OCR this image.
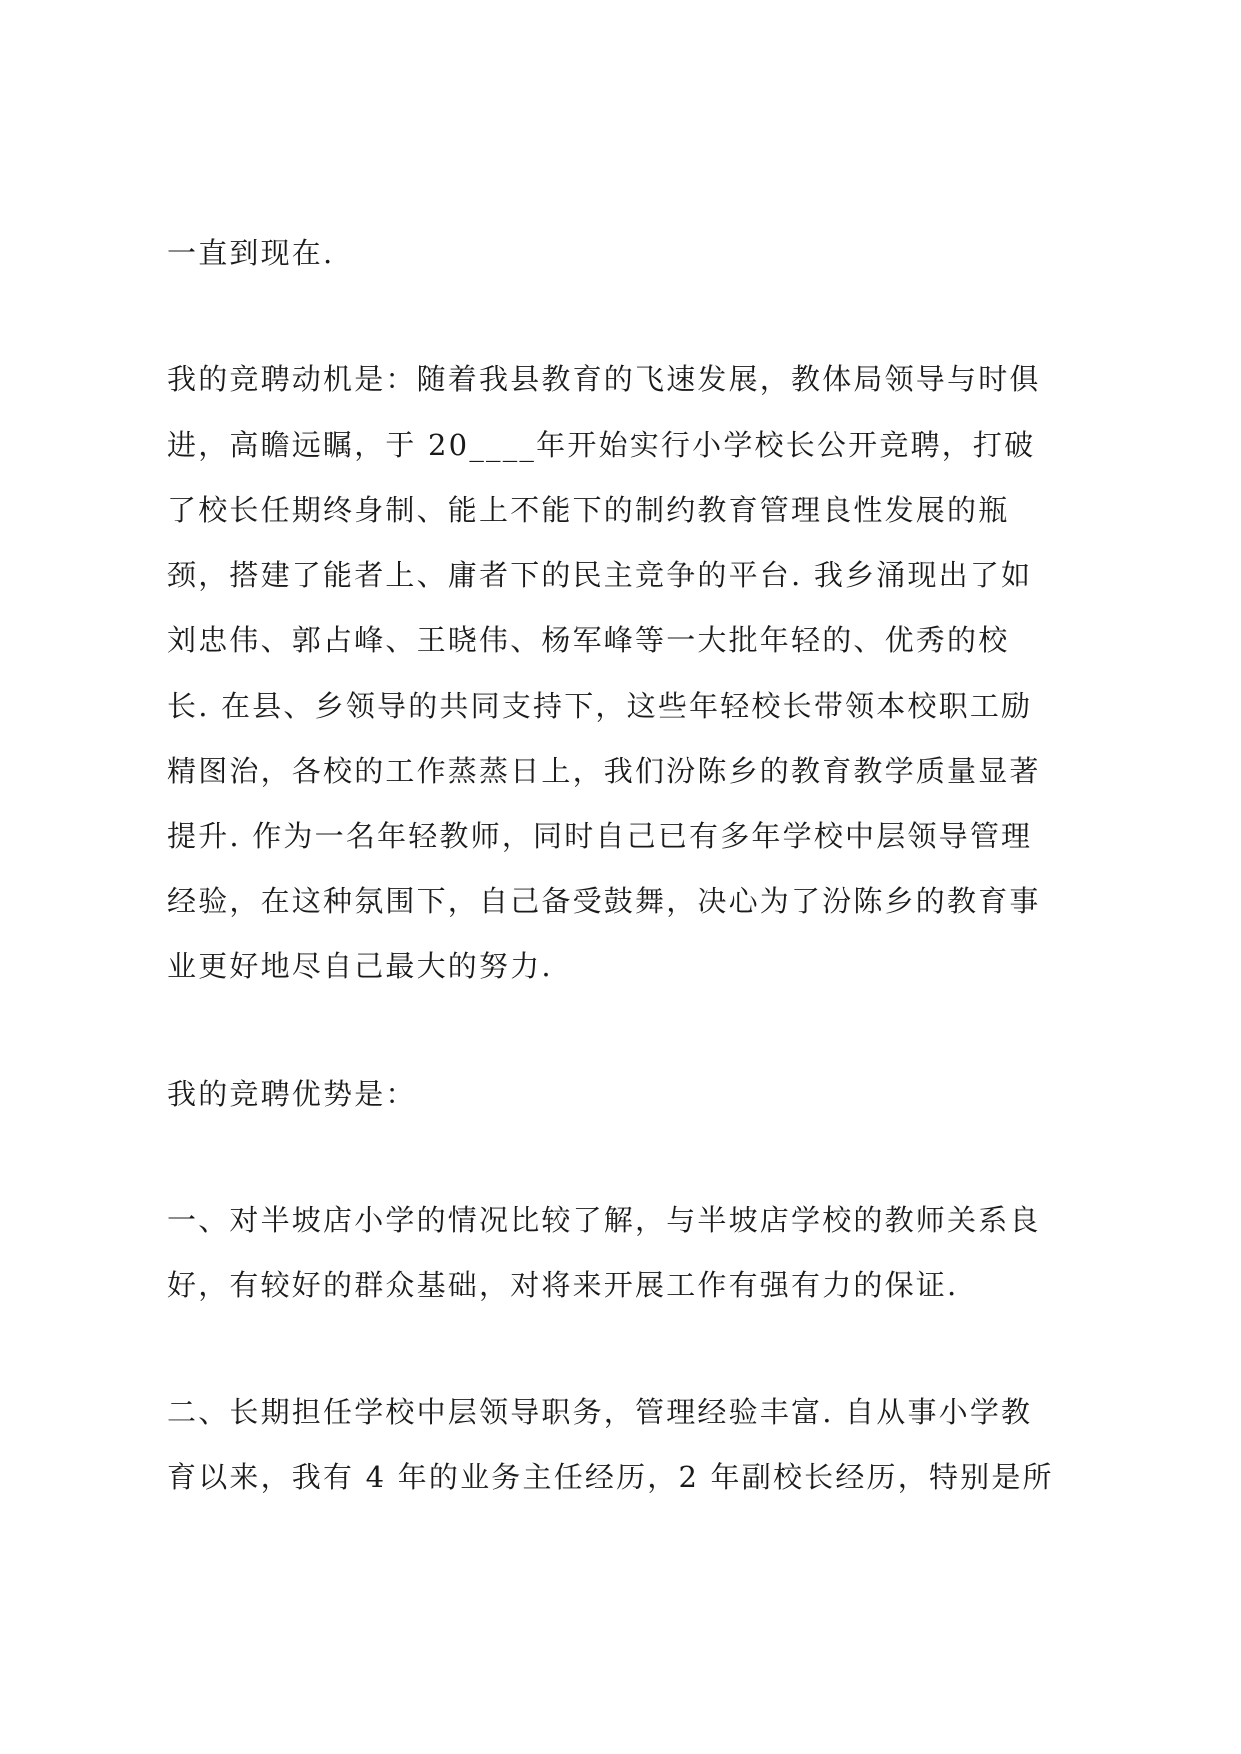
一直到现在.
我的竞聘动机是：随着我县教育的飞速发展，教体局领导与时俱
进，高瞻远瞩，于 20____年开始实行小学校长公开竞聘，打破
了校长任期终身制、能上不能下的制约教育管理良性发展的瓶
颈，搭建了能者上、庸者下的民主竞争的平台. 我乡涌现出了如
刘忠伟、郭占峰、王晓伟、杨军峰等一大批年轻的、优秀的校
长. 在县、乡领导的共同支持下，这些年轻校长带领本校职工励
精图治，各校的工作蒸蒸日上，我们汾陈乡的教育教学质量显著
提升. 作为一名年轻教师，同时自己已有多年学校中层领导管理
经验，在这种氛围下，自己备受鼓舞，决心为了汾陈乡的教育事
业更好地尽自己最大的努力.
我的竞聘优势是：
一、对半坡店小学的情况比较了解，与半坡店学校的教师关系良
好，有较好的群众基础，对将来开展工作有强有力的保证.
二、长期担任学校中层领导职务，管理经验丰富. 自从事小学教
育以来，我有 4 年的业务主任经历，2 年副校长经历，特别是所
